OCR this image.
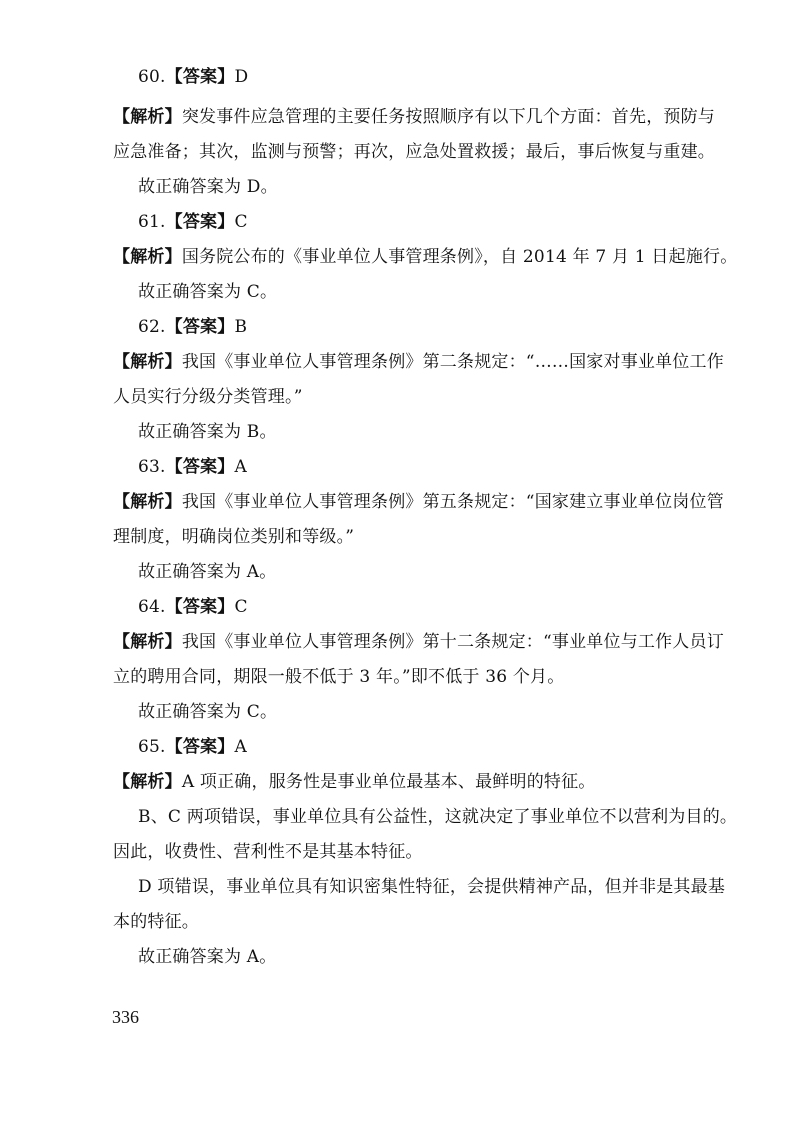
60.【答案】D
【解析】突发事件应急管理的主要任务按照顺序有以下几个方面：首先，预防与
应急准备；其次，监测与预警；再次，应急处置救援；最后，事后恢复与重建。
故正确答案为 D。
61.【答案】C
【解析】国务院公布的《事业单位人事管理条例》，自 2014 年 7 月 1 日起施行。
故正确答案为 C。
62.【答案】B
【解析】我国《事业单位人事管理条例》第二条规定：“……国家对事业单位工作
人员实行分级分类管理。”
故正确答案为 B。
63.【答案】A
【解析】我国《事业单位人事管理条例》第五条规定：“国家建立事业单位岗位管
理制度，明确岗位类别和等级。”
故正确答案为 A。
64.【答案】C
【解析】我国《事业单位人事管理条例》第十二条规定：“事业单位与工作人员订
立的聘用合同，期限一般不低于 3 年。”即不低于 36 个月。
故正确答案为 C。
65.【答案】A
【解析】A 项正确，服务性是事业单位最基本、最鲜明的特征。
B、C 两项错误，事业单位具有公益性，这就决定了事业单位不以营利为目的。
因此，收费性、营利性不是其基本特征。
D 项错误，事业单位具有知识密集性特征，会提供精神产品，但并非是其最基
本的特征。
故正确答案为 A。
336
